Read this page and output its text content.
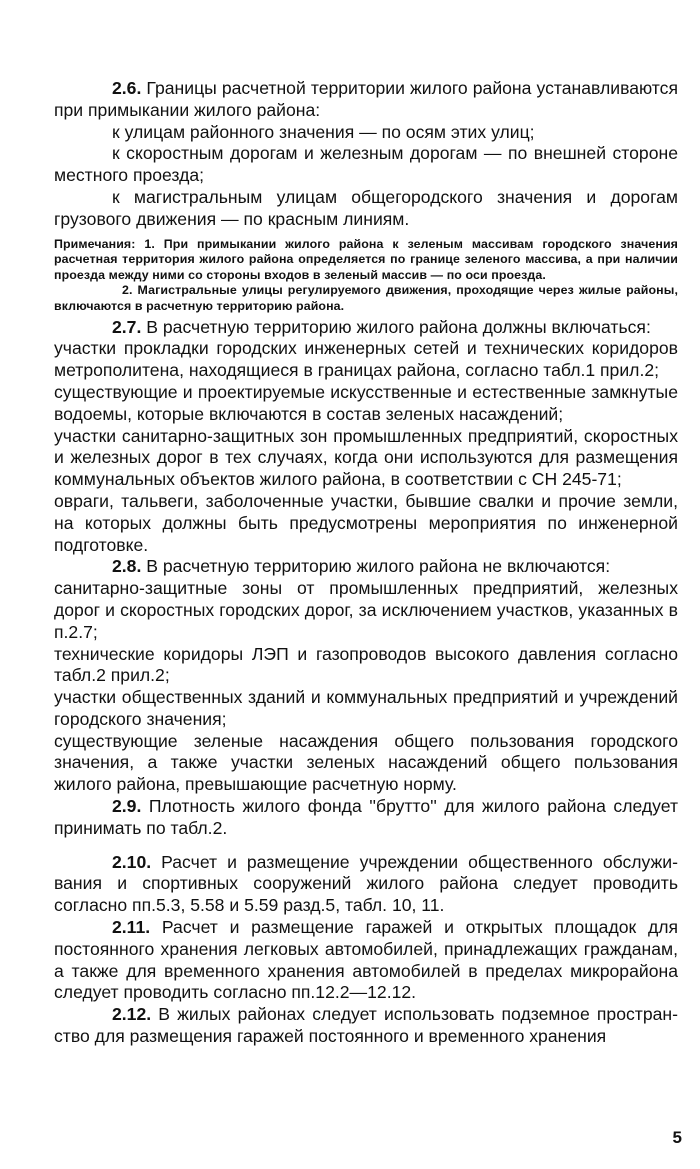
2.6. Границы расчетной территории жилого района устанавливаются при примыкании жилого района:

к улицам районного значения — по осям этих улиц;

к скоростным дорогам и железным дорогам — по внешней стороне местного проезда;

к магистральным улицам общегородского значения и дорогам грузового движения — по красным линиям.

Примечания: 1. При примыкании жилого района к зеленым массивам городского значения расчетная территория жилого района определяется по границе зеленого массива, а при наличии проезда между ними со стороны входов в зеленый массив — по оси проезда.

2. Магистральные улицы регулируемого движения, проходящие через жилые районы, включаются в расчетную территорию района.

2.7. В расчетную территорию жилого района должны включаться:

участки прокладки городских инженерных сетей и технических коридоров метрополитена, находящиеся в границах района, согласно табл.1 прил.2;

существующие и проектируемые искусственные и естественные замкнутые водоемы, которые включаются в состав зеленых насаждений;

участки санитарно-защитных зон промышленных предприятий, скоростных и железных дорог в тех случаях, когда они используются для размещения коммунальных объектов жилого района, в соответствии с СН 245-71;

овраги, тальвеги, заболоченные участки, бывшие свалки и прочие земли, на которых должны быть предусмотрены мероприятия по инженерной подготовке.

2.8. В расчетную территорию жилого района не включаются:

санитарно-защитные зоны от промышленных предприятий, железных дорог и скоростных городских дорог, за исключением участков, указанных в п.2.7;

технические коридоры ЛЭП и газопроводов высокого давления согласно табл.2 прил.2;

участки общественных зданий и коммунальных предприятий и учреждений городского значения;

существующие зеленые насаждения общего пользования городского значения, а также участки зеленых насаждений общего пользования жилого района, превышающие расчетную норму.

2.9. Плотность жилого фонда ''брутто'' для жилого района следует принимать по табл.2.

2.10. Расчет и размещение учреждении общественного обслуживания и спортивных сооружений жилого района следует проводить согласно пп.5.3, 5.58 и 5.59 разд.5, табл. 10, 11.

2.11. Расчет и размещение гаражей и открытых площадок для постоянного хранения легковых автомобилей, принадлежащих гражданам, а также для временного хранения автомобилей в пределах микрорайона следует проводить согласно пп.12.2—12.12.

2.12. В жилых районах следует использовать подземное пространство для размещения гаражей постоянного и временного хранения

5
